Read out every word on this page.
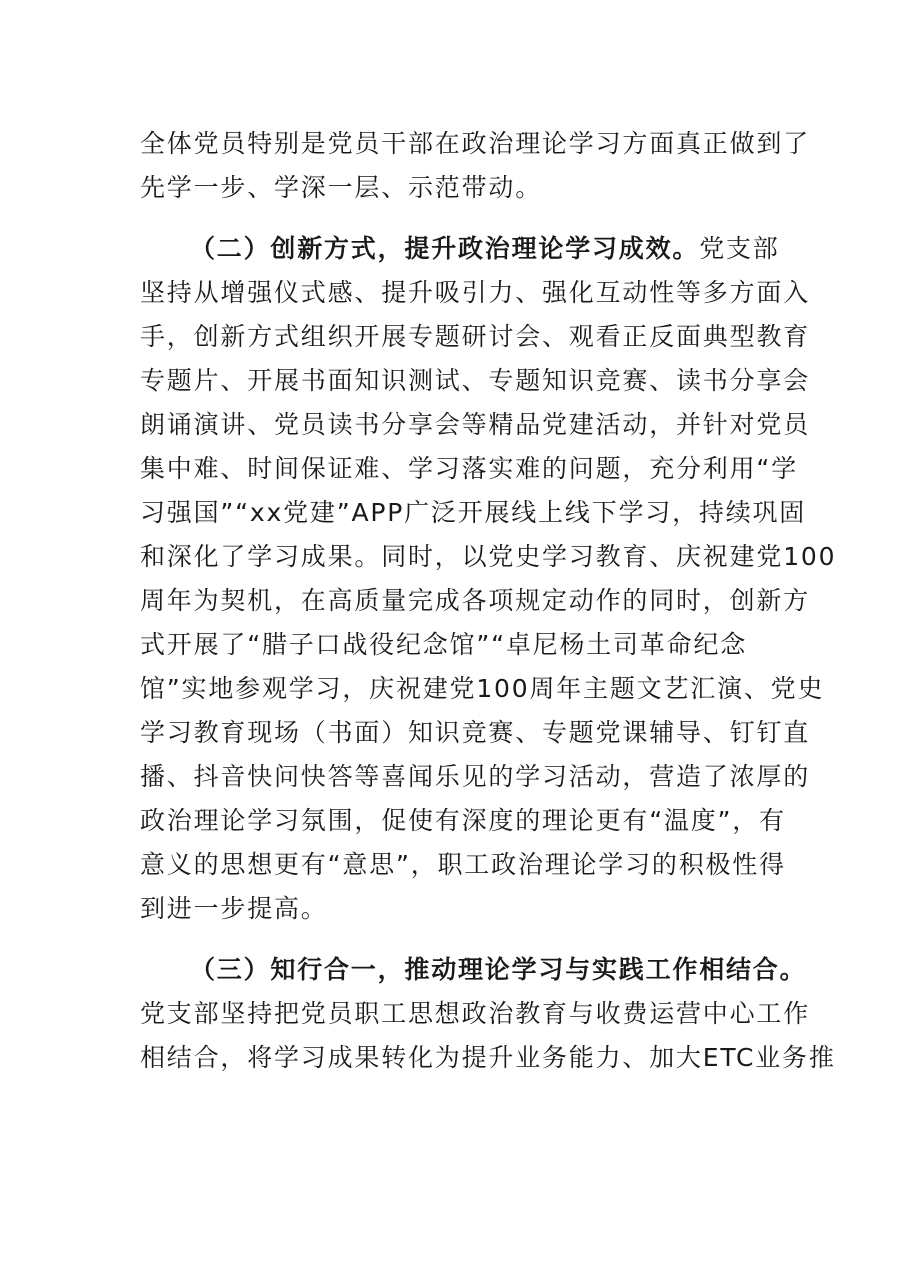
全体党员特别是党员干部在政治理论学习方面真正做到了
先学一步、学深一层、示范带动。
（二）创新方式，提升政治理论学习成效。党支部
坚持从增强仪式感、提升吸引力、强化互动性等多方面入
手，创新方式组织开展专题研讨会、观看正反面典型教育
专题片、开展书面知识测试、专题知识竞赛、读书分享会
朗诵演讲、党员读书分享会等精品党建活动，并针对党员
集中难、时间保证难、学习落实难的问题，充分利用“学
习强国”“xx党建”APP广泛开展线上线下学习，持续巩固
和深化了学习成果。同时，以党史学习教育、庆祝建党100
周年为契机，在高质量完成各项规定动作的同时，创新方
式开展了“腊子口战役纪念馆”“卓尼杨土司革命纪念
馆”实地参观学习，庆祝建党100周年主题文艺汇演、党史
学习教育现场（书面）知识竞赛、专题党课辅导、钉钉直
播、抖音快问快答等喜闻乐见的学习活动，营造了浓厚的
政治理论学习氛围，促使有深度的理论更有“温度”，有
意义的思想更有“意思”，职工政治理论学习的积极性得
到进一步提高。
（三）知行合一，推动理论学习与实践工作相结合。
党支部坚持把党员职工思想政治教育与收费运营中心工作
相结合，将学习成果转化为提升业务能力、加大ETC业务推
